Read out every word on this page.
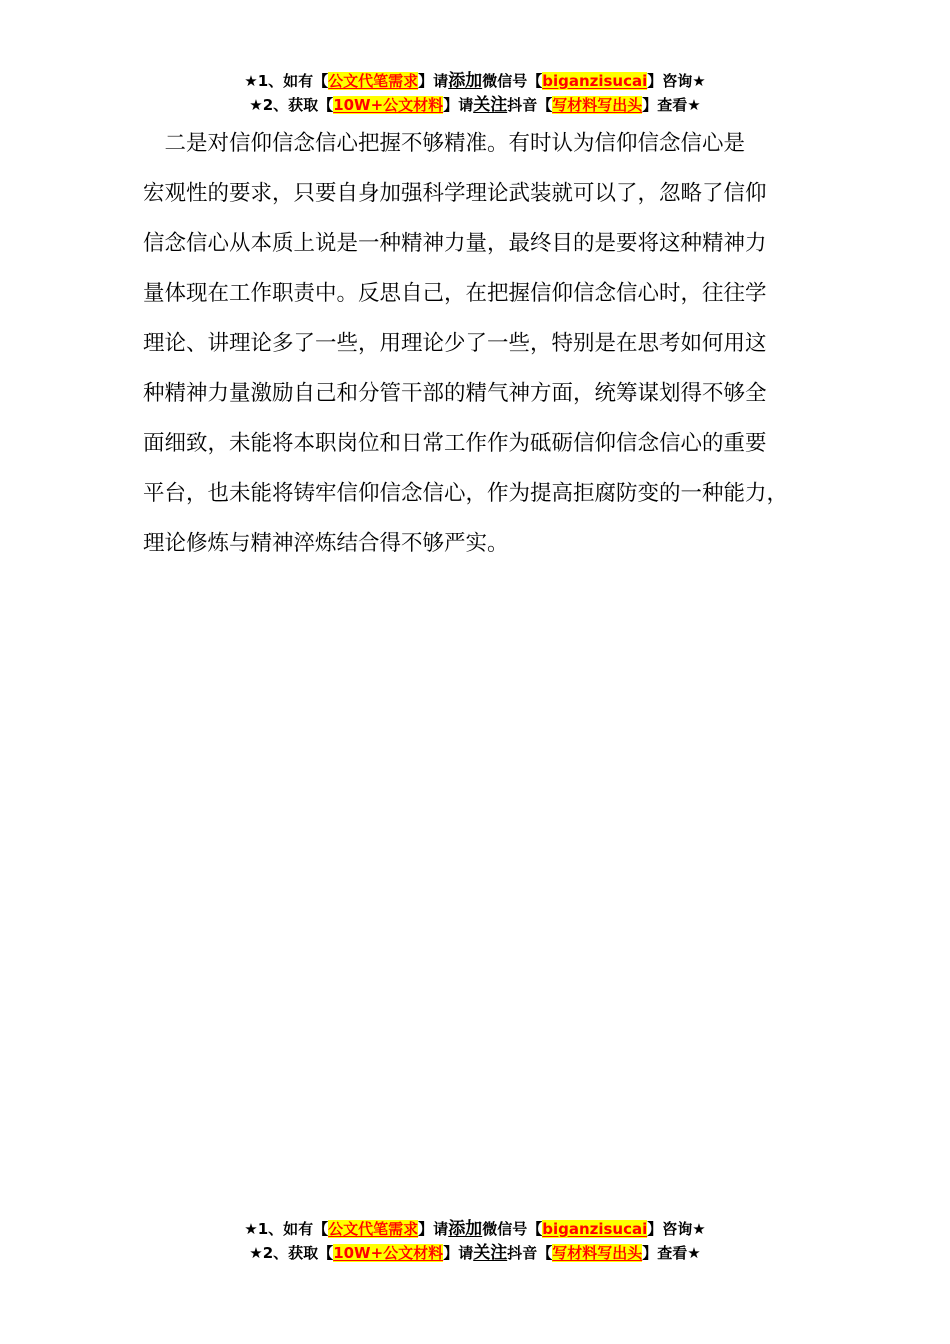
★1、如有【公文代笔需求】请添加微信号【biganzisucai】咨询★
★2、获取【10W+公文材料】请关注抖音【写材料写出头】查看★
　二是对信仰信念信心把握不够精准。有时认为信仰信念信心是
宏观性的要求，只要自身加强科学理论武装就可以了，忽略了信仰
信念信心从本质上说是一种精神力量，最终目的是要将这种精神力
量体现在工作职责中。反思自己，在把握信仰信念信心时，往往学
理论、讲理论多了一些，用理论少了一些，特别是在思考如何用这
种精神力量激励自己和分管干部的精气神方面，统筹谋划得不够全
面细致，未能将本职岗位和日常工作作为砥砺信仰信念信心的重要
平台，也未能将铸牢信仰信念信心，作为提高拒腐防变的一种能力，
理论修炼与精神淬炼结合得不够严实。
★1、如有【公文代笔需求】请添加微信号【biganzisucai】咨询★
★2、获取【10W+公文材料】请关注抖音【写材料写出头】查看★
